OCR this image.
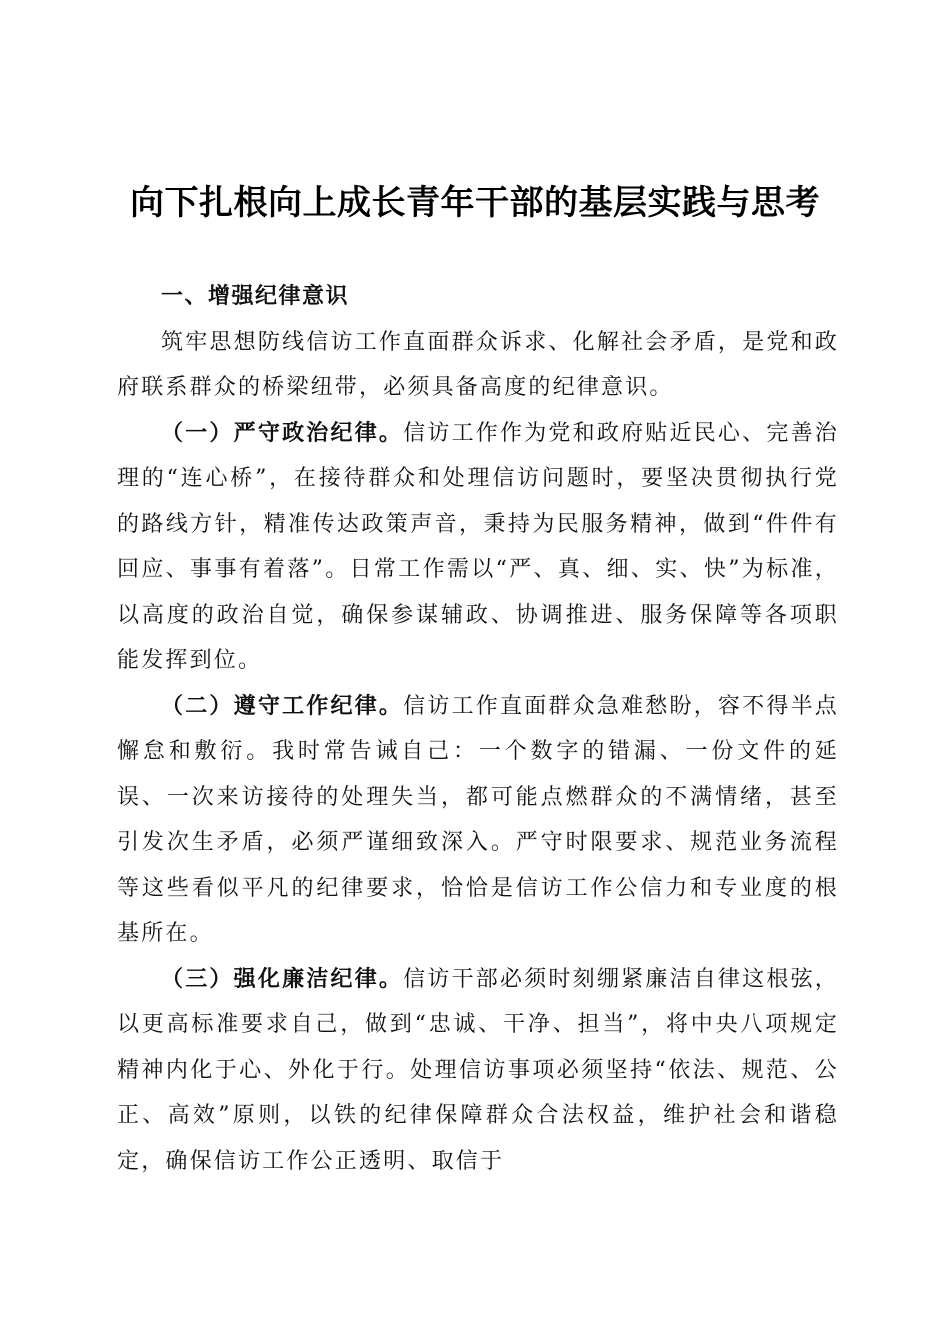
向下扎根向上成长青年干部的基层实践与思考

一、增强纪律意识

筑牢思想防线信访工作直面群众诉求、化解社会矛盾，是党和政府联系群众的桥梁纽带，必须具备高度的纪律意识。

（一）严守政治纪律。信访工作作为党和政府贴近民心、完善治理的“连心桥”，在接待群众和处理信访问题时，要坚决贯彻执行党的路线方针，精准传达政策声音，秉持为民服务精神，做到“件件有回应、事事有着落”。日常工作需以“严、真、细、实、快”为标准，以高度的政治自觉，确保参谋辅政、协调推进、服务保障等各项职能发挥到位。

（二）遵守工作纪律。信访工作直面群众急难愁盼，容不得半点懈怠和敷衍。我时常告诫自己：一个数字的错漏、一份文件的延误、一次来访接待的处理失当，都可能点燃群众的不满情绪，甚至引发次生矛盾，必须严谨细致深入。严守时限要求、规范业务流程等这些看似平凡的纪律要求，恰恰是信访工作公信力和专业度的根基所在。

（三）强化廉洁纪律。信访干部必须时刻绷紧廉洁自律这根弦，以更高标准要求自己，做到“忠诚、干净、担当”，将中央八项规定精神内化于心、外化于行。处理信访事项必须坚持“依法、规范、公正、高效”原则，以铁的纪律保障群众合法权益，维护社会和谐稳定，确保信访工作公正透明、取信于
